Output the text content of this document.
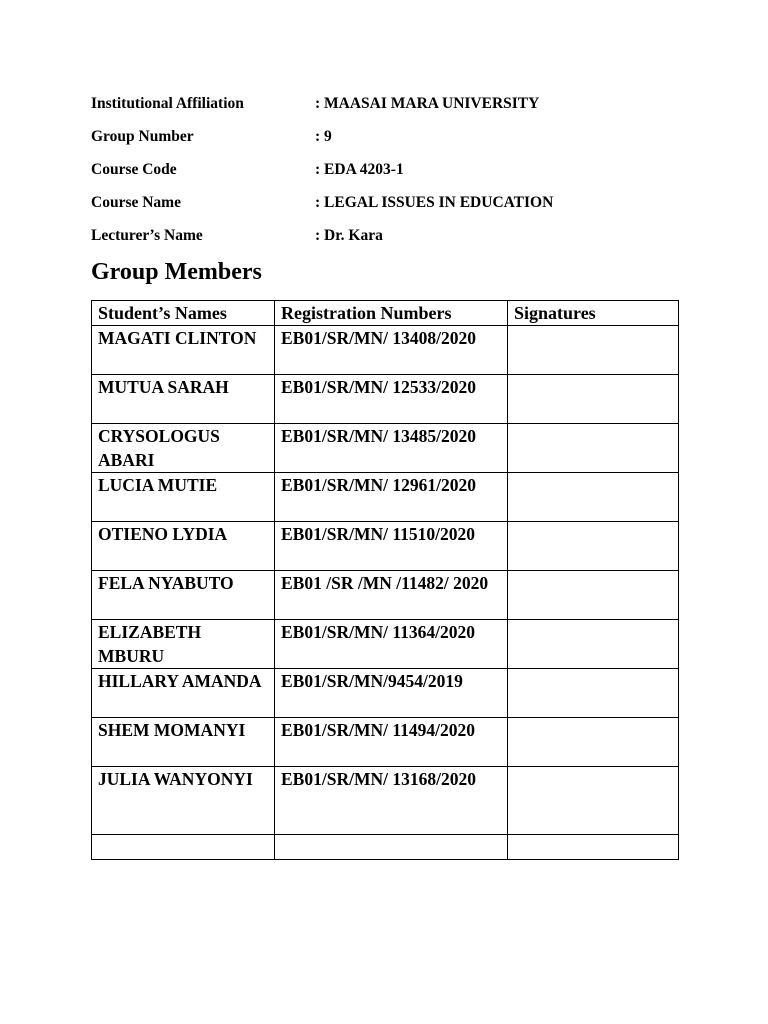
Institutional Affiliation	: MAASAI MARA UNIVERSITY
Group Number	: 9
Course Code	: EDA 4203-1
Course Name	: LEGAL ISSUES IN EDUCATION
Lecturer’s Name	: Dr. Kara
Group Members
Student’s Names	Registration Numbers	Signatures
MAGATI CLINTON	EB01/SR/MN/ 13408/2020	
MUTUA SARAH	EB01/SR/MN/ 12533/2020	
CRYSOLOGUS ABARI	EB01/SR/MN/ 13485/2020	
LUCIA MUTIE	EB01/SR/MN/ 12961/2020	
OTIENO LYDIA	EB01/SR/MN/ 11510/2020	
FELA NYABUTO	EB01 /SR /MN /11482/ 2020	
ELIZABETH MBURU	EB01/SR/MN/ 11364/2020	
HILLARY AMANDA	EB01/SR/MN/9454/2019	
SHEM MOMANYI	EB01/SR/MN/ 11494/2020	
JULIA WANYONYI	EB01/SR/MN/ 13168/2020	
